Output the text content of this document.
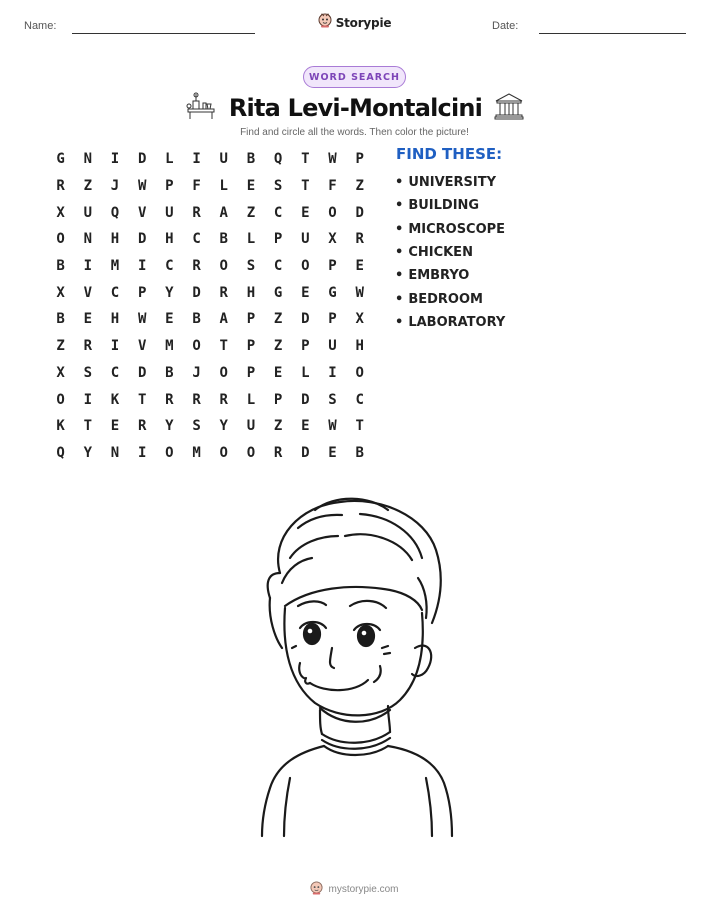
Name:	Storypie	Date:
WORD SEARCH
Rita Levi-Montalcini
Find and circle all the words. Then color the picture!
G	N	I	D	L	I	U	B	Q	T	W	P
R	Z	J	W	P	F	L	E	S	T	F	Z
X	U	Q	V	U	R	A	Z	C	E	O	D
O	N	H	D	H	C	B	L	P	U	X	R
B	I	M	I	C	R	O	S	C	O	P	E
X	V	C	P	Y	D	R	H	G	E	G	W
B	E	H	W	E	B	A	P	Z	D	P	X
Z	R	I	V	M	O	T	P	Z	P	U	H
X	S	C	D	B	J	O	P	E	L	I	O
O	I	K	T	R	R	R	L	P	D	S	C
K	T	E	R	Y	S	Y	U	Z	E	W	T
Q	Y	N	I	O	M	O	O	R	D	E	B
FIND THESE:
• UNIVERSITY
• BUILDING
• MICROSCOPE
• CHICKEN
• EMBRYO
• BEDROOM
• LABORATORY
mystorypie.com
